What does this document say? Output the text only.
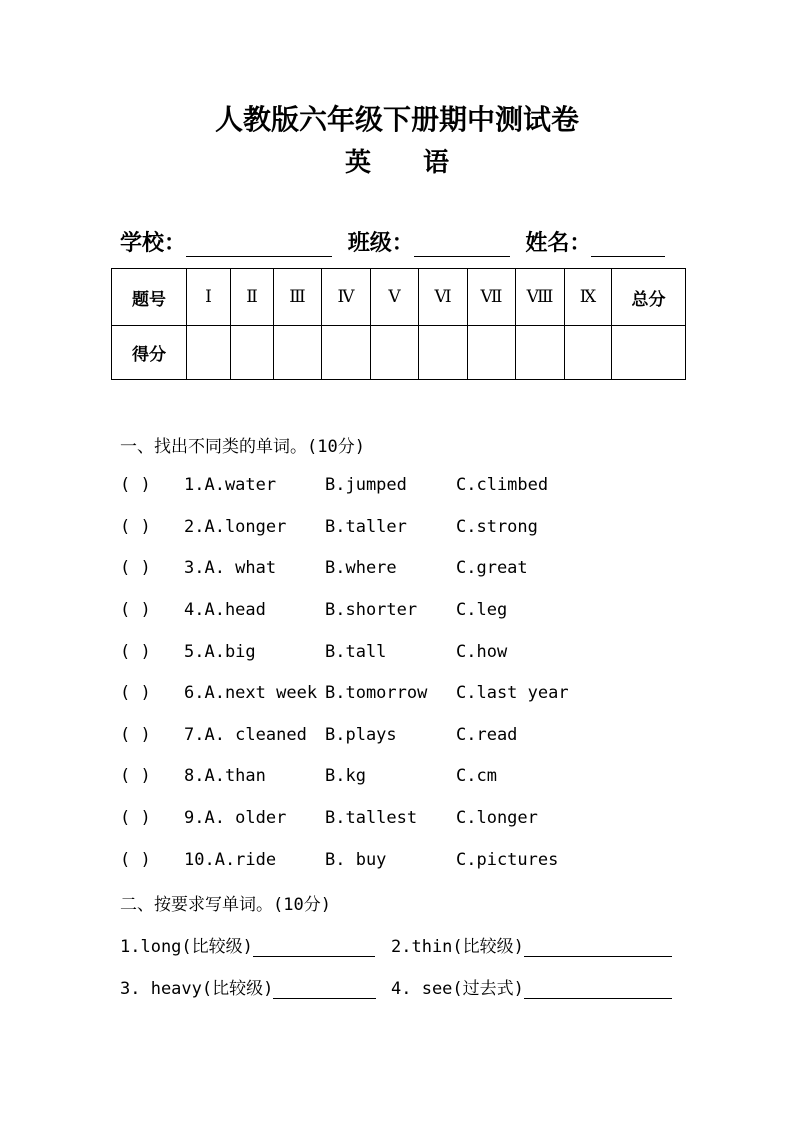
人教版六年级下册期中测试卷
英 语
学校：	班级：	姓名：
题号	Ⅰ	Ⅱ	Ⅲ	Ⅳ	Ⅴ	Ⅵ	Ⅶ	Ⅷ	Ⅸ	总分
得分										
一、找出不同类的单词。(10分)
( ) 1.A.water	B.jumped	C.climbed
( ) 2.A.longer B.taller	C.strong
( ) 3.A. what	B.where	C.great
( ) 4.A.head	B.shorter C.leg
( ) 5.A.big	B.tall	C.how
( ) 6.A.next week B.tomorrow C.last year
( ) 7.A. cleaned B.plays	C.read
( ) 8.A.than	B.kg	C.cm
( ) 9.A. older B.tallest C.longer
( ) 10.A.ride	B. buy	C.pictures
二、按要求写单词。(10分)
1.long(比较级)	2.thin(比较级)
3. heavy(比较级)	4. see(过去式)
